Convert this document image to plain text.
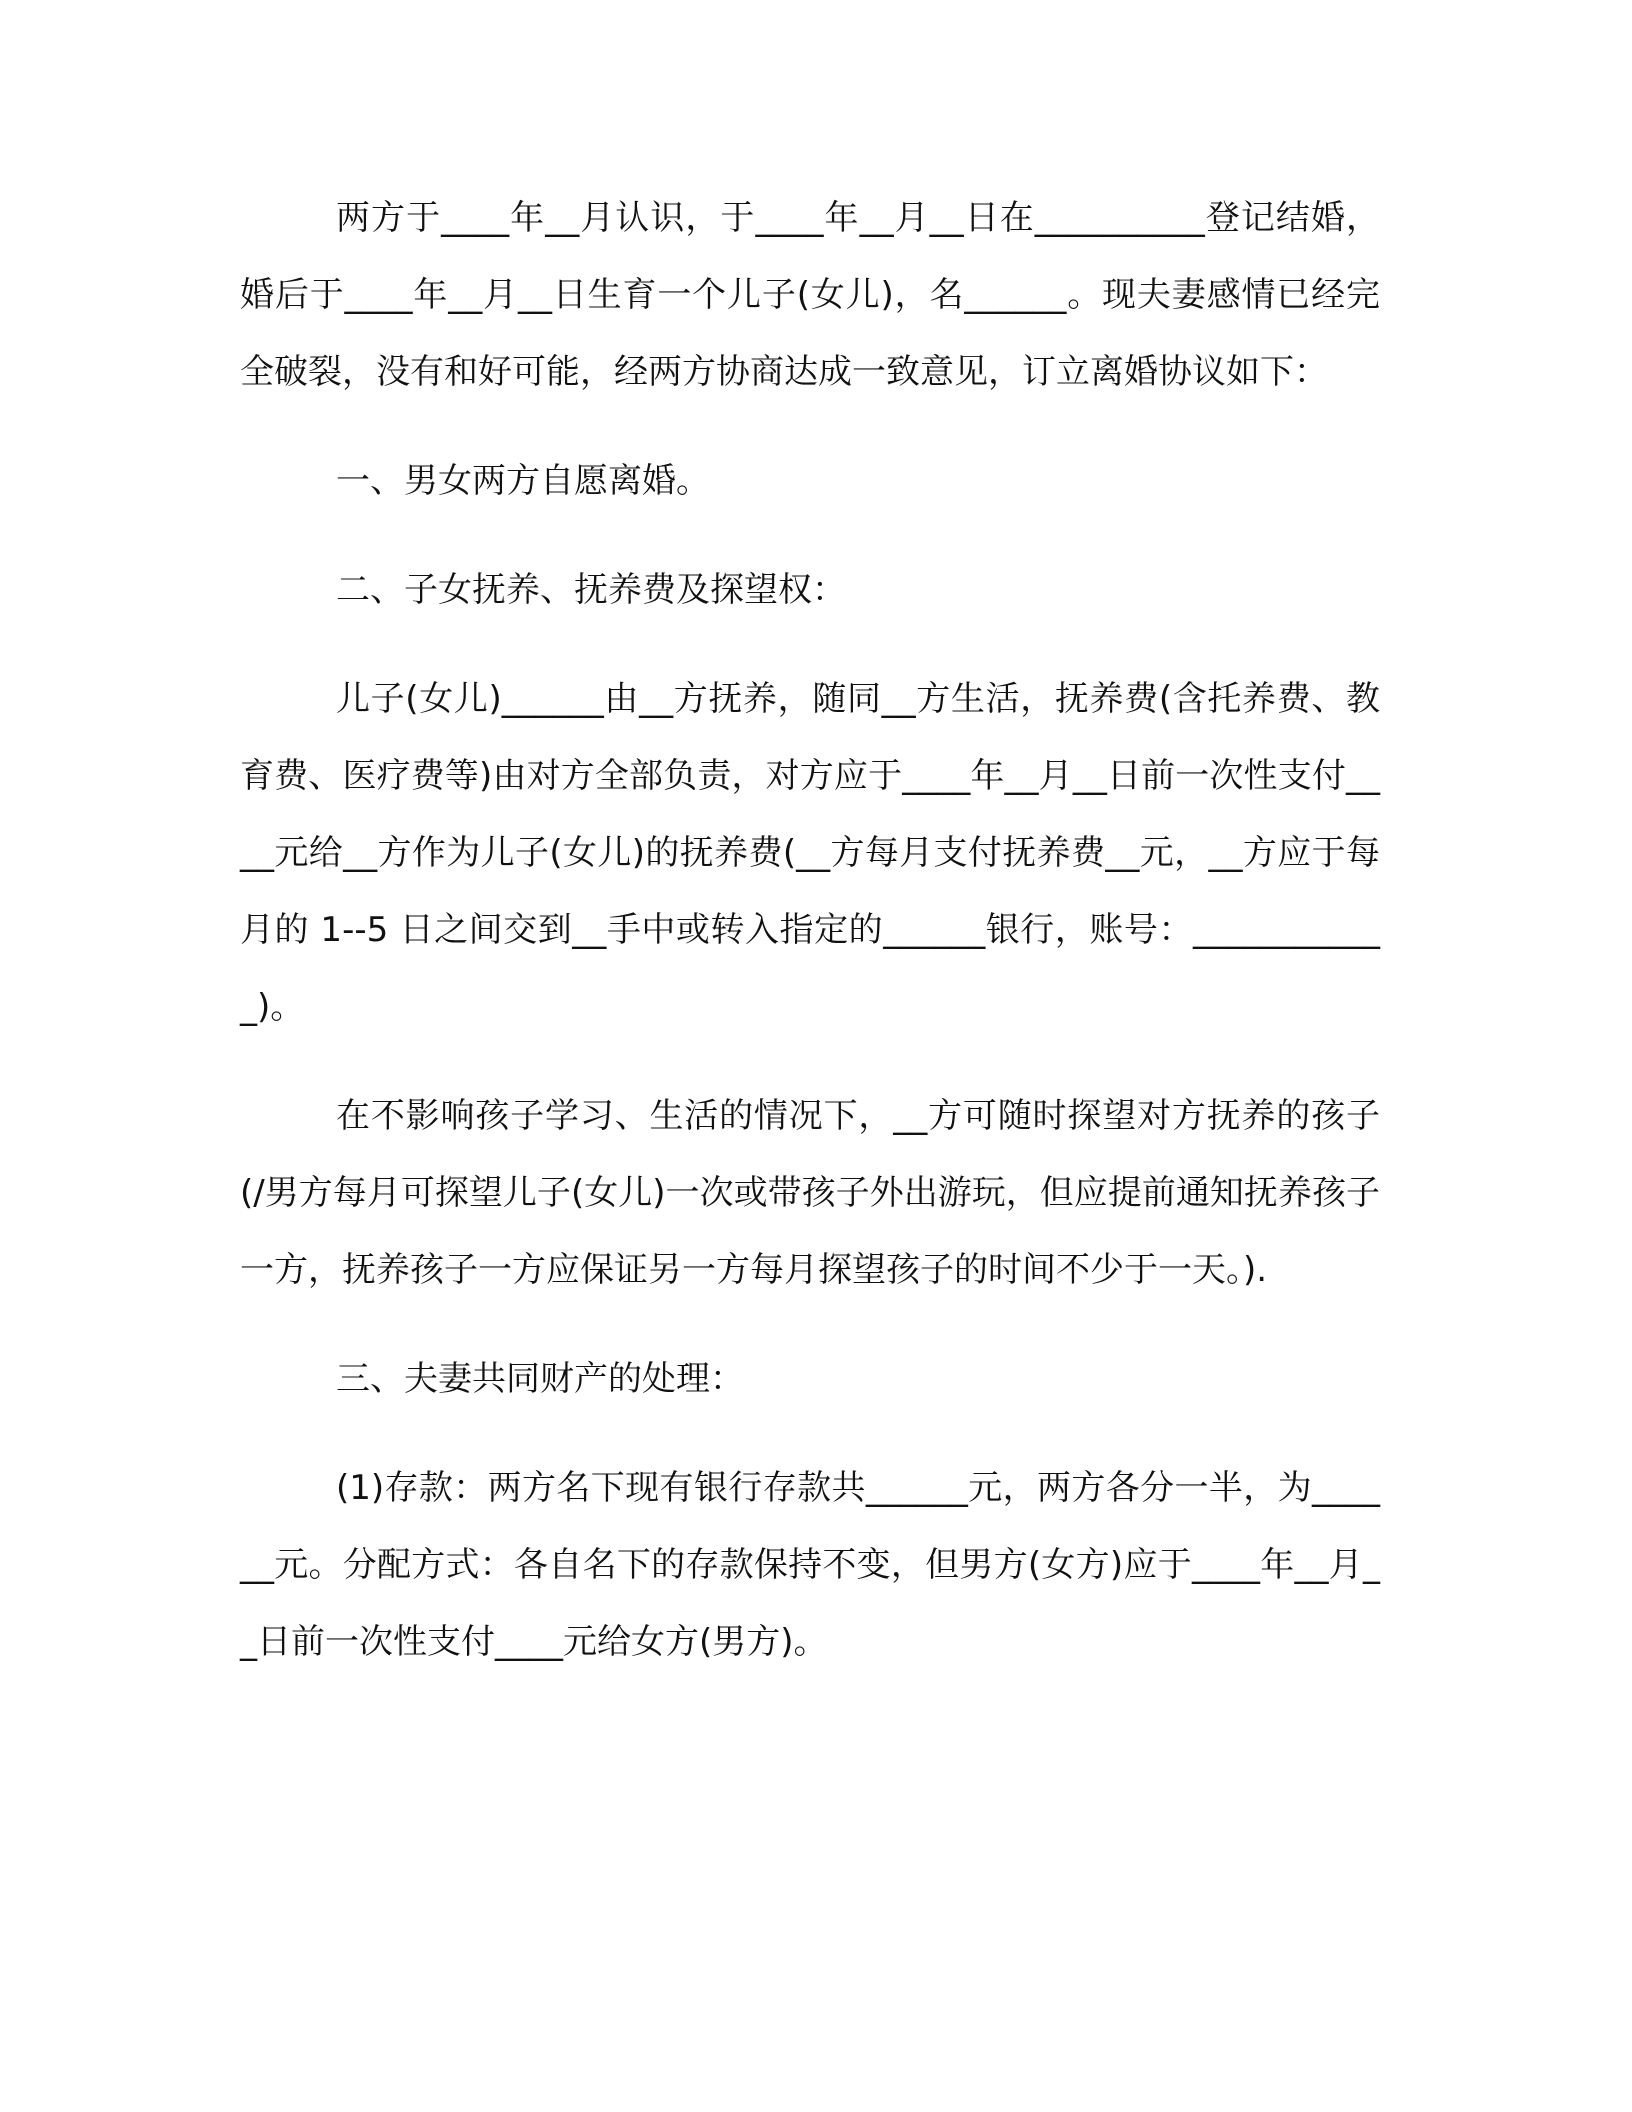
两方于____年__月认识，于____年__月__日在__________登记结婚，婚后于____年__月__日生育一个儿子(女儿)，名______。现夫妻感情已经完全破裂，没有和好可能，经两方协商达成一致意见，订立离婚协议如下：

一、男女两方自愿离婚。

二、子女抚养、抚养费及探望权：

儿子(女儿)______由__方抚养，随同__方生活，抚养费(含托养费、教育费、医疗费等)由对方全部负责，对方应于____年__月__日前一次性支付____元给__方作为儿子(女儿)的抚养费(__方每月支付抚养费__元，__方应于每月的 1--5 日之间交到__手中或转入指定的______银行，账号：____________)。

在不影响孩子学习、生活的情况下，__方可随时探望对方抚养的孩子(/男方每月可探望儿子(女儿)一次或带孩子外出游玩，但应提前通知抚养孩子一方，抚养孩子一方应保证另一方每月探望孩子的时间不少于一天。).

三、夫妻共同财产的处理：

(1)存款：两方名下现有银行存款共______元，两方各分一半，为______元。分配方式：各自名下的存款保持不变，但男方(女方)应于____年__月__日前一次性支付____元给女方(男方)。
